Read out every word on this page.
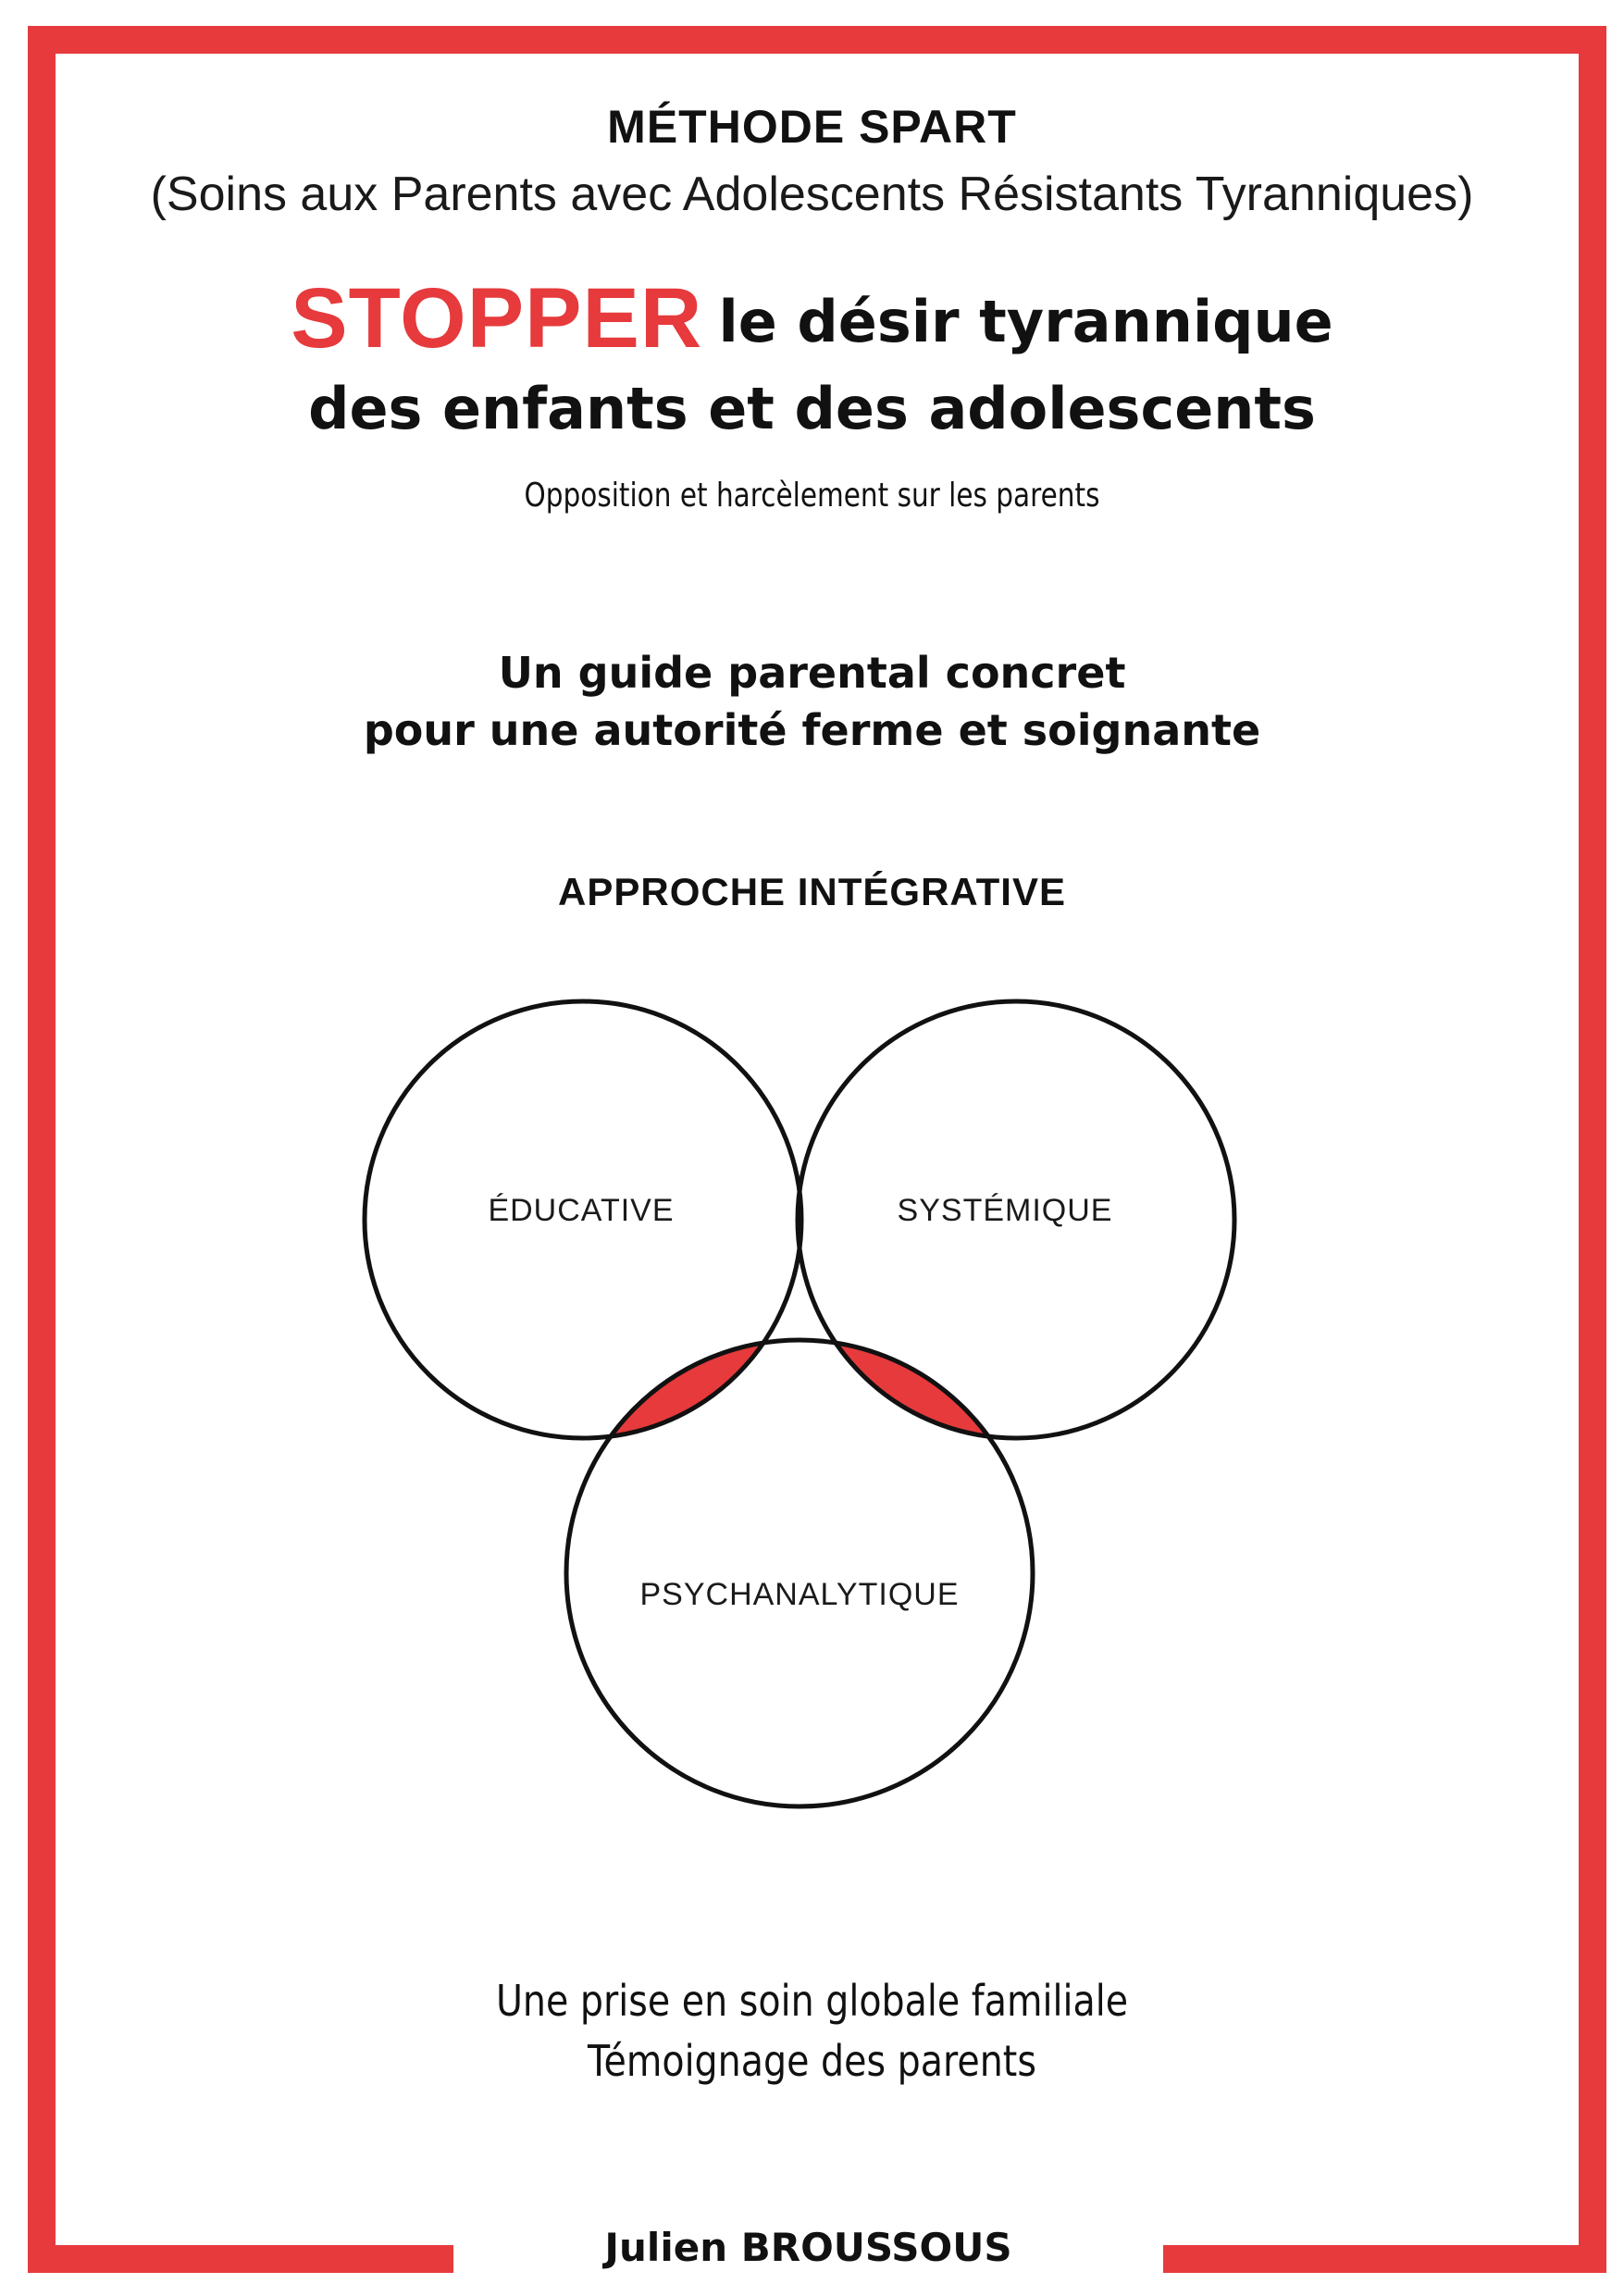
MÉTHODE SPART
(Soins aux Parents avec Adolescents Résistants Tyranniques)
STOPPER le désir tyrannique
des enfants et des adolescents
Opposition et harcèlement sur les parents
Un guide parental concret
pour une autorité ferme et soignante
APPROCHE INTÉGRATIVE
ÉDUCATIVE	SYSTÉMIQUE
PSYCHANALYTIQUE
Une prise en soin globale familiale
Témoignage des parents
Julien BROUSSOUS
